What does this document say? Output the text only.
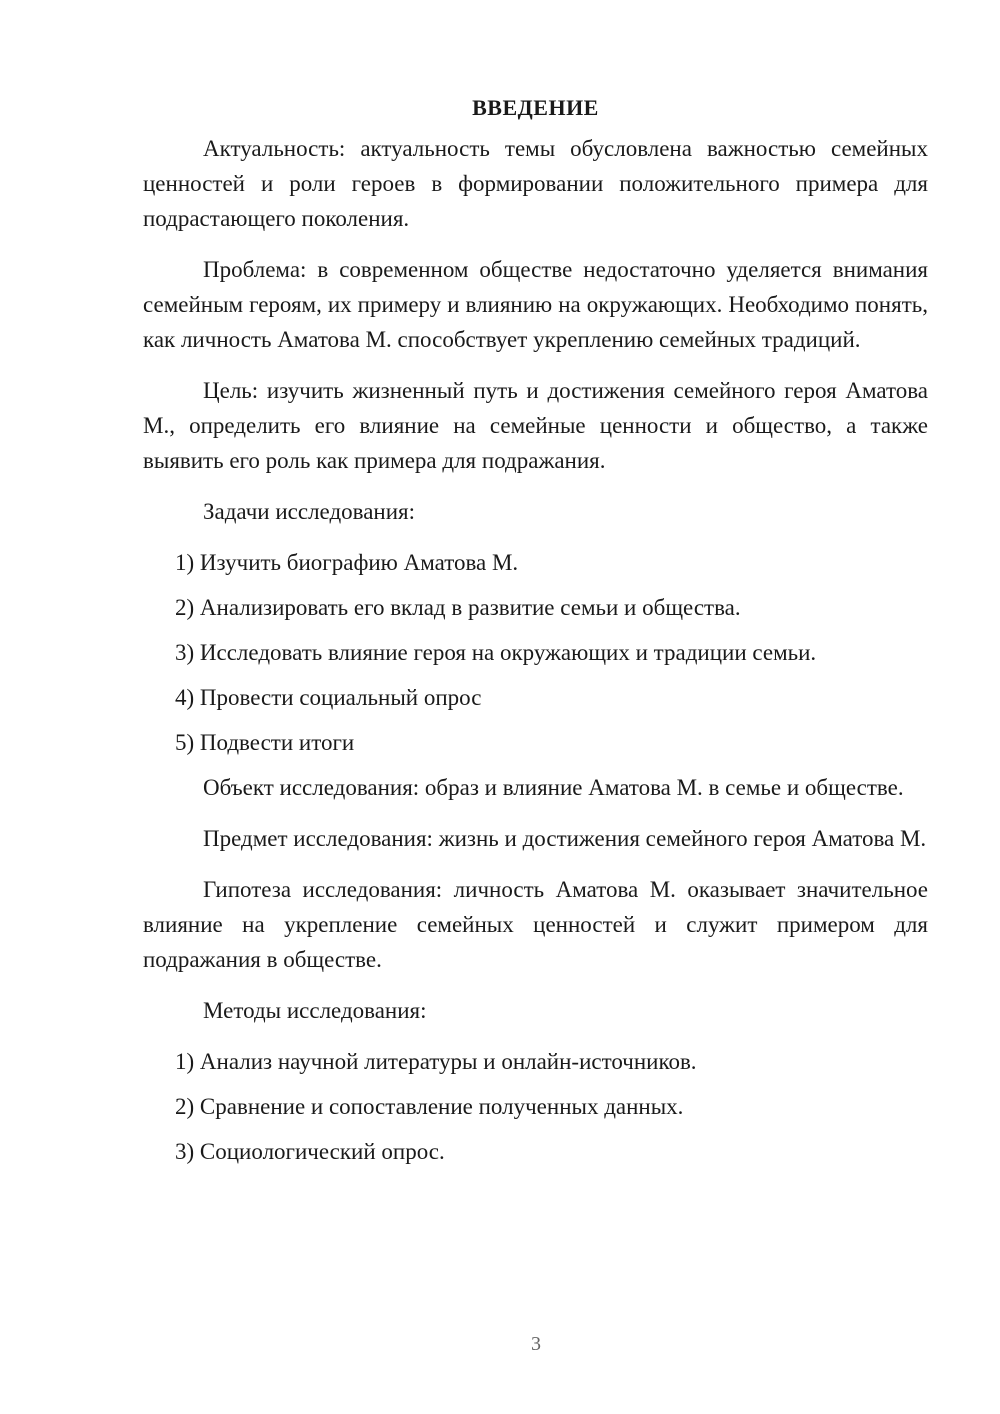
ВВЕДЕНИЕ

Актуальность: актуальность темы обусловлена важностью семейных ценностей и роли героев в формировании положительного примера для подрастающего поколения.

Проблема: в современном обществе недостаточно уделяется внимания семейным героям, их примеру и влиянию на окружающих. Необходимо понять, как личность Аматова М. способствует укреплению семейных традиций.

Цель: изучить жизненный путь и достижения семейного героя Аматова М., определить его влияние на семейные ценности и общество, а также выявить его роль как примера для подражания.

Задачи исследования:
1) Изучить биографию Аматова М.
2) Анализировать его вклад в развитие семьи и общества.
3) Исследовать влияние героя на окружающих и традиции семьи.
4) Провести социальный опрос
5) Подвести итоги

Объект исследования: образ и влияние Аматова М. в семье и обществе.

Предмет исследования: жизнь и достижения семейного героя Аматова М.

Гипотеза исследования: личность Аматова М. оказывает значительное влияние на укрепление семейных ценностей и служит примером для подражания в обществе.

Методы исследования:
1) Анализ научной литературы и онлайн-источников.
2) Сравнение и сопоставление полученных данных.
3) Социологический опрос.
3
